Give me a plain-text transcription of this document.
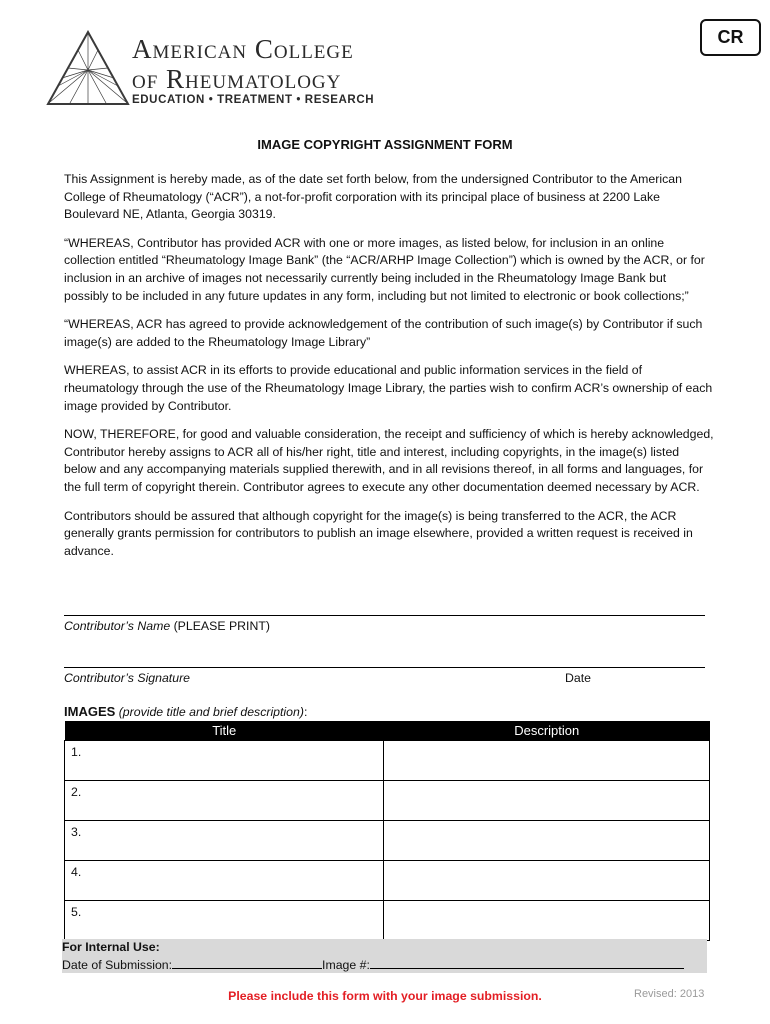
American College
of Rheumatology
EDUCATION • TREATMENT • RESEARCH
CR
IMAGE COPYRIGHT ASSIGNMENT FORM

This Assignment is hereby made, as of the date set forth below, from the undersigned Contributor to the American College of Rheumatology (“ACR”), a not-for-profit corporation with its principal place of business at 2200 Lake Boulevard NE, Atlanta, Georgia 30319.

“WHEREAS, Contributor has provided ACR with one or more images, as listed below, for inclusion in an online collection entitled “Rheumatology Image Bank” (the “ACR/ARHP Image Collection”) which is owned by the ACR, or for inclusion in an archive of images not necessarily currently being included in the Rheumatology Image Bank but possibly to be included in any future updates in any form, including but not limited to electronic or book collections;”

“WHEREAS, ACR has agreed to provide acknowledgement of the contribution of such image(s) by Contributor if such image(s) are added to the Rheumatology Image Library”

WHEREAS, to assist ACR in its efforts to provide educational and public information services in the field of rheumatology through the use of the Rheumatology Image Library, the parties wish to confirm ACR’s ownership of each image provided by Contributor.

NOW, THEREFORE, for good and valuable consideration, the receipt and sufficiency of which is hereby acknowledged, Contributor hereby assigns to ACR all of his/her right, title and interest, including copyrights, in the image(s) listed below and any accompanying materials supplied therewith, and in all revisions thereof, in all forms and languages, for the full term of copyright therein. Contributor agrees to execute any other documentation deemed necessary by ACR.

Contributors should be assured that although copyright for the image(s) is being transferred to the ACR, the ACR generally grants permission for contributors to publish an image elsewhere, provided a written request is received in advance.

Contributor’s Name (PLEASE PRINT)
Contributor’s Signature	Date
IMAGES (provide title and brief description):
Title	Description
1.	
2.	
3.	
4.	
5.	
For Internal Use:
Date of Submission:	Image #:
Please include this form with your image submission.	Revised: 2013
